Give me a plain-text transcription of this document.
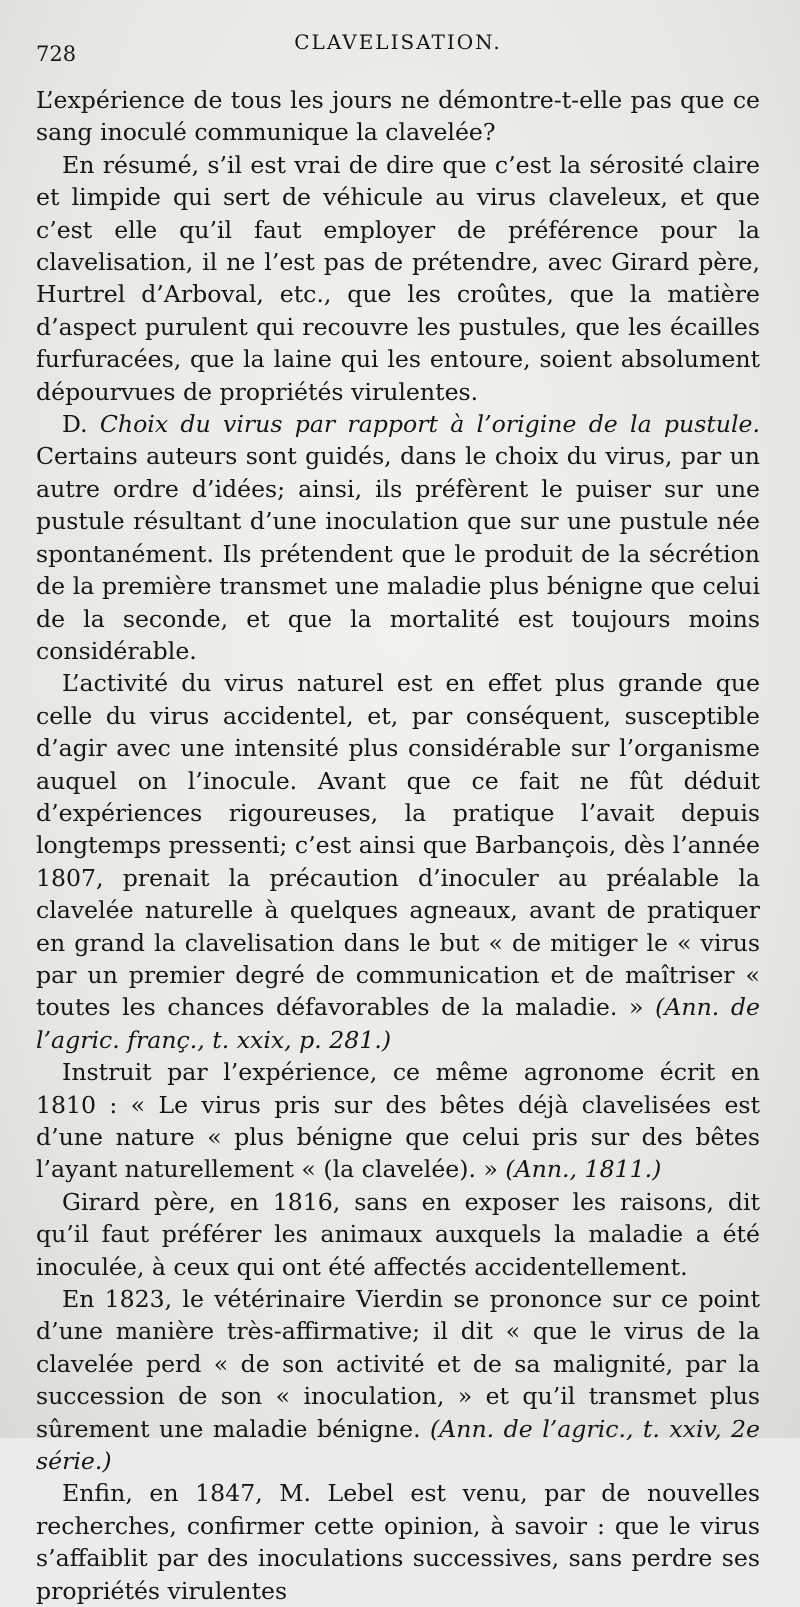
728	CLAVELISATION.

L’expérience de tous les jours ne démontre-t-elle pas que ce sang inoculé communique la clavelée?

En résumé, s’il est vrai de dire que c’est la sérosité claire et limpide qui sert de véhicule au virus claveleux, et que c’est elle qu’il faut employer de préférence pour la clavelisation, il ne l’est pas de prétendre, avec Girard père, Hurtrel d’Arboval, etc., que les croûtes, que la matière d’aspect purulent qui recouvre les pustules, que les écailles furfuracées, que la laine qui les entoure, soient absolument dépourvues de propriétés virulentes.

D. Choix du virus par rapport à l’origine de la pustule. Certains auteurs sont guidés, dans le choix du virus, par un autre ordre d’idées; ainsi, ils préfèrent le puiser sur une pustule résultant d’une inoculation que sur une pustule née spontanément. Ils prétendent que le produit de la sécrétion de la première transmet une maladie plus bénigne que celui de la seconde, et que la mortalité est toujours moins considérable.

L’activité du virus naturel est en effet plus grande que celle du virus accidentel, et, par conséquent, susceptible d’agir avec une intensité plus considérable sur l’organisme auquel on l’inocule. Avant que ce fait ne fût déduit d’expériences rigoureuses, la pratique l’avait depuis longtemps pressenti; c’est ainsi que Barbançois, dès l’année 1807, prenait la précaution d’inoculer au préalable la clavelée naturelle à quelques agneaux, avant de pratiquer en grand la clavelisation dans le but « de mitiger le « virus par un premier degré de communication et de maîtriser « toutes les chances défavorables de la maladie. » (Ann. de l’agric. franç., t. xxix, p. 281.)

Instruit par l’expérience, ce même agronome écrit en 1810 : « Le virus pris sur des bêtes déjà clavelisées est d’une nature « plus bénigne que celui pris sur des bêtes l’ayant naturellement « (la clavelée). » (Ann., 1811.)

Girard père, en 1816, sans en exposer les raisons, dit qu’il faut préférer les animaux auxquels la maladie a été inoculée, à ceux qui ont été affectés accidentellement.

En 1823, le vétérinaire Vierdin se prononce sur ce point d’une manière très-affirmative; il dit « que le virus de la clavelée perd « de son activité et de sa malignité, par la succession de son « inoculation, » et qu’il transmet plus sûrement une maladie bénigne. (Ann. de l’agric., t. xxiv, 2e série.)

Enfin, en 1847, M. Lebel est venu, par de nouvelles recherches, confirmer cette opinion, à savoir : que le virus s’affaiblit par des inoculations successives, sans perdre ses propriétés virulentes
